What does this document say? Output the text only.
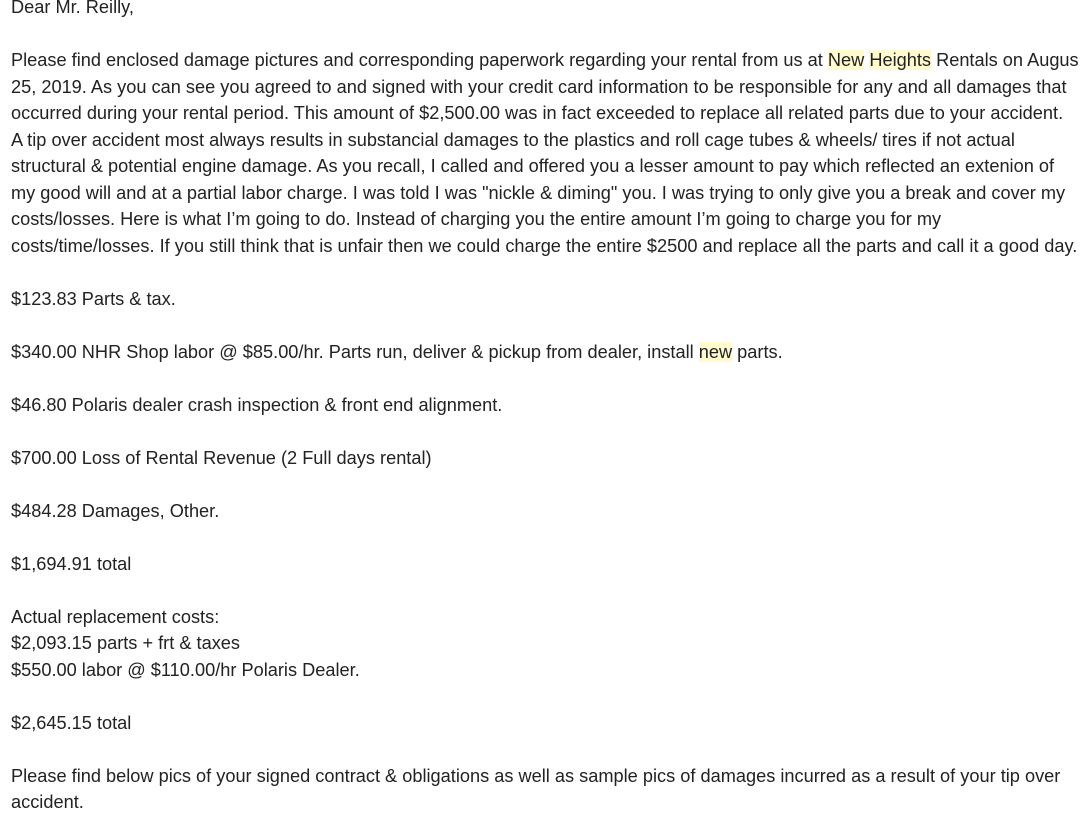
Dear Mr. Reilly,
Please find enclosed damage pictures and corresponding paperwork regarding your rental from us at New Heights Rentals on Augus
25, 2019. As you can see you agreed to and signed with your credit card information to be responsible for any and all damages that
occurred during your rental period. This amount of $2,500.00 was in fact exceeded to replace all related parts due to your accident.
A tip over accident most always results in substancial damages to the plastics and roll cage tubes & wheels/ tires if not actual
structural & potential engine damage. As you recall, I called and offered you a lesser amount to pay which reflected an extenion of
my good will and at a partial labor charge. I was told I was "nickle & diming" you. I was trying to only give you a break and cover my
costs/losses. Here is what I’m going to do. Instead of charging you the entire amount I’m going to charge you for my
costs/time/losses. If you still think that is unfair then we could charge the entire $2500 and replace all the parts and call it a good day.
$123.83 Parts & tax.
$340.00 NHR Shop labor @ $85.00/hr. Parts run, deliver & pickup from dealer, install new parts.
$46.80 Polaris dealer crash inspection & front end alignment.
$700.00 Loss of Rental Revenue (2 Full days rental)
$484.28 Damages, Other.
$1,694.91 total
Actual replacement costs:
$2,093.15 parts + frt & taxes
$550.00 labor @ $110.00/hr Polaris Dealer.
$2,645.15 total
Please find below pics of your signed contract & obligations as well as sample pics of damages incurred as a result of your tip over
accident.
